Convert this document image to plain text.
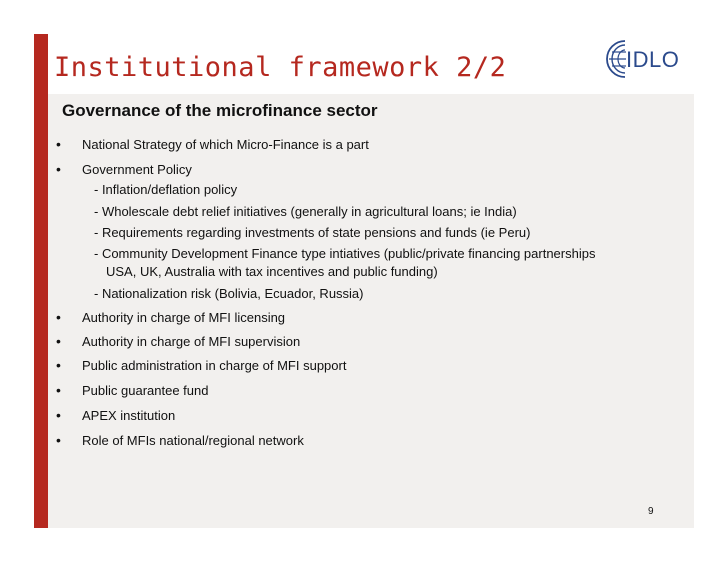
Institutional framework 2/2	IDLO
Governance of the microfinance sector
• National Strategy of which Micro-Finance is a part
• Government Policy
- Inflation/deflation policy
- Wholescale debt relief initiatives (generally in agricultural loans; ie India)
- Requirements regarding investments of state pensions and funds (ie Peru)
- Community Development Finance type intiatives (public/private financing partnerships
USA, UK, Australia with tax incentives and public funding)
- Nationalization risk (Bolivia, Ecuador, Russia)
• Authority in charge of MFI licensing
• Authority in charge of MFI supervision
• Public administration in charge of MFI support
• Public guarantee fund
• APEX institution
• Role of MFIs national/regional network
9
